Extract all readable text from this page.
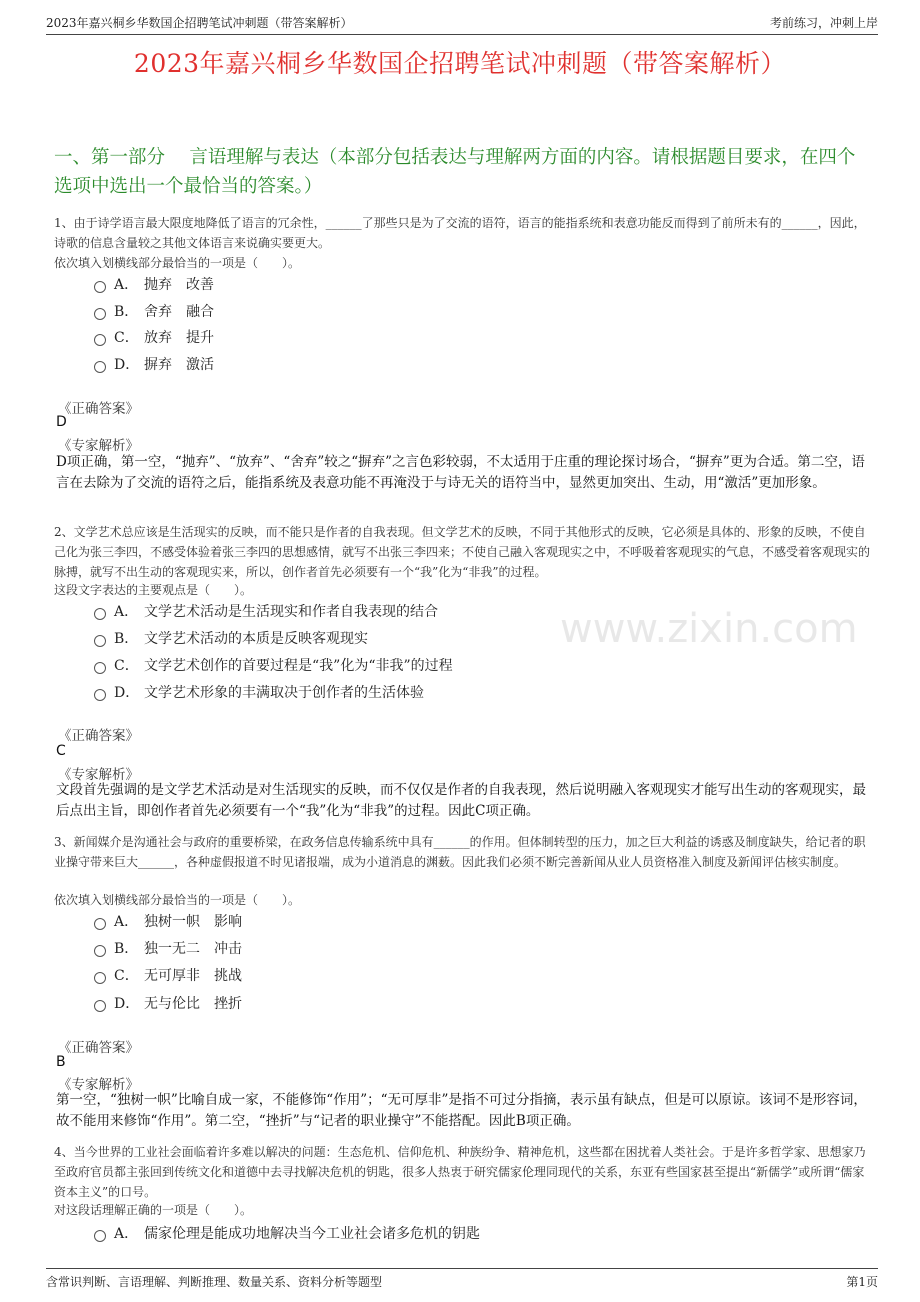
2023年嘉兴桐乡华数国企招聘笔试冲刺题（带答案解析）	考前练习，冲刺上岸
2023年嘉兴桐乡华数国企招聘笔试冲刺题（带答案解析）
一、第一部分　 言语理解与表达（本部分包括表达与理解两方面的内容。请根据题目要求，在四个选项中选出一个最恰当的答案。）
www.zixin.com
1、由于诗学语言最大限度地降低了语言的冗余性，______了那些只是为了交流的语符，语言的能指系统和表意功能反而得到了前所未有的______，因此，诗歌的信息含量较之其他文体语言来说确实要更大。
依次填入划横线部分最恰当的一项是（　　）。
A． 抛弃　改善
B． 舍弃　融合
C． 放弃　提升
D． 摒弃　激活
《正确答案》
D
《专家解析》
D项正确，第一空，“抛弃”、“放弃”、“舍弃”较之“摒弃”之言色彩较弱，不太适用于庄重的理论探讨场合，“摒弃”更为合适。第二空，语言在去除为了交流的语符之后，能指系统及表意功能不再淹没于与诗无关的语符当中，显然更加突出、生动，用“激活”更加形象。
2、文学艺术总应该是生活现实的反映，而不能只是作者的自我表现。但文学艺术的反映，不同于其他形式的反映，它必须是具体的、形象的反映，不使自己化为张三李四，不感受体验着张三李四的思想感情，就写不出张三李四来；不使自己融入客观现实之中，不呼吸着客观现实的气息，不感受着客观现实的脉搏，就写不出生动的客观现实来，所以，创作者首先必须要有一个“我”化为“非我”的过程。
这段文字表达的主要观点是（　　）。
A． 文学艺术活动是生活现实和作者自我表现的结合
B． 文学艺术活动的本质是反映客观现实
C． 文学艺术创作的首要过程是“我”化为“非我”的过程
D． 文学艺术形象的丰满取决于创作者的生活体验
《正确答案》
C
《专家解析》
文段首先强调的是文学艺术活动是对生活现实的反映，而不仅仅是作者的自我表现，然后说明融入客观现实才能写出生动的客观现实，最后点出主旨，即创作者首先必须要有一个“我”化为“非我”的过程。因此C项正确。
3、新闻媒介是沟通社会与政府的重要桥梁，在政务信息传输系统中具有______的作用。但体制转型的压力，加之巨大利益的诱惑及制度缺失，给记者的职业操守带来巨大______，各种虚假报道不时见诸报端，成为小道消息的渊薮。因此我们必须不断完善新闻从业人员资格准入制度及新闻评估核实制度。
依次填入划横线部分最恰当的一项是（　　）。
A． 独树一帜　影响
B． 独一无二　冲击
C． 无可厚非　挑战
D． 无与伦比　挫折
《正确答案》
B
《专家解析》
第一空，“独树一帜”比喻自成一家，不能修饰“作用”；“无可厚非”是指不可过分指摘，表示虽有缺点，但是可以原谅。该词不是形容词，故不能用来修饰“作用”。第二空，“挫折”与“记者的职业操守”不能搭配。因此B项正确。
4、当今世界的工业社会面临着许多难以解决的问题：生态危机、信仰危机、种族纷争、精神危机，这些都在困扰着人类社会。于是许多哲学家、思想家乃至政府官员都主张回到传统文化和道德中去寻找解决危机的钥匙，很多人热衷于研究儒家伦理同现代的关系，东亚有些国家甚至提出“新儒学”或所谓“儒家资本主义”的口号。
对这段话理解正确的一项是（　　）。
A． 儒家伦理是能成功地解决当今工业社会诸多危机的钥匙
含常识判断、言语理解、判断推理、数量关系、资料分析等题型	第1页
